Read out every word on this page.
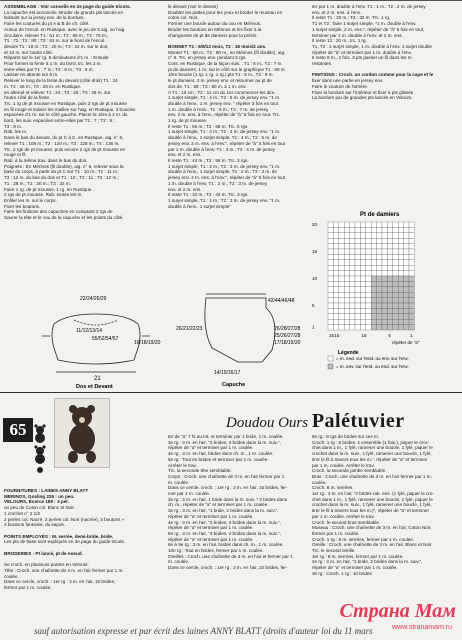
ASSEMBLAGE : Voir conseils en 2e page du guide tricots.

La capuche est annoncée. Broder de grands pts lancés en

laissant sur la jersey env. de la bordure.

Faire les coutures du pt A & B de ch. côté.

Autour de l'encol. en Rustique, avec le jeu de 5 aig. ou l'aig.

circulaire, relever T1 : 61 m.; T2 : 68 m.; T3 : 75 m.;

T1 : 72 ; T2 : 80 ; T3 : 82 m. sur le bord de l'encol.

devant T1 : 18 m.; T2 : 20 m.; T3 : 22 m. sur le dos;

et 10 m. sur l'autre côté.

Répartir sur le 1er rg. 5 diminutions d'1 m. ; Ensuite

Pour former la fente à 1 m. du bord, trc. les 2 m.

entre-elles par T1 : 7 m.; T2 : 8 m.; T3 : 9 m.

Laisser en attente sur 6 m.

Relever le long de la fente du devant (côté droit) T1 : 24

m. T2 : 26 m.; T3 : 28 m. en Rustique.

en alterné et relever T1 : 24 ; T2 : 26 ; T3 : 28 m. sur

l'autre côté de la fente.

Trc. 1 rg de pt mousse en Rustique, puis 2 rgs de pt mousse

en fil rouge et laisser les mailles sur l'aig. en Rustique. 3 boucles

espacées d'1 m. sur le côté gauche. Placer la 1ère à 2 m. du

bord, les suiv. espacées entre-elles par T1 : 7 ; T2 : 8 ;

T3 : 9 m.

Rab. les m.

Dans le bas du devant, du pt C à C, en Rustique, aig. n° 6,

relever T1 : 108 m.; T2 : 120 m.; T3 : 128 m.; T4 : 136 m.

Trc. 2 rgs de pt mousse, puis encore 2 rgs de pt mousse en

rouge et fil.

Rab. à la même trav. dans le bas du dos.

Poignets : En Mérinos (fil double), aig. n° 6, relever sous la

base du corps, à partir du pt C sur T1 : 10 m.; T2 : 11 m.;

T3 : 12 m. du bas du dos et T1 : 10 ; T2 : 11 ; T3 : 12 m.;

T1 : 28 m.; T2 : 30 m.; T3 : 32 m.

Faire 1 rg. de pt mousse, 1 rg. en Rustique.

2 rgs de pt mousse. Rab. toutes les m.

Enfiler les m. sur le corps.

Fixer les boutons.

Faire les finitions des capuches en comptant 2 rgs de

Saurer la tête et le cou de la capuche et les points du côté.

le devant (voir le dessin)

Doubler les pattes pour les yeux et broder le museau en

coton col. Noir.

Former une boucle autour du cou en Mérinos.

Broder les boutons en Mérinos et les fixer à la

changeante de pt de damiers pour la précis.

BONNET T1 : 6/9/12 mois, T2 : 18 mois/2 ans.

Monter T1 : 68 m.; T2 : 80 m., en Mérinos (fil double), aig.

n° 6. Trc. en jersey env. pendant 3 rgs.

Cont. en Rustique, de la façon suiv. : T1 : 6 m., T2 : 7 m.

pt de damiers, 1 m. sur le côté sur le graphique T1 : 68 m.

1ère boucle (1 rg. 1 rg. 1 rg.) pts T1 : 6 m., T2 : 9 m.

le pt damiers, 2 m. jersey env. et retourner au pt de

dos de. T1 : 68 ; T2 : 80 m. à 1 m. env.

A T1 : 10 cm ; T2 : 11 cm du 1er commencer les dim.

1 surjet simple, T1 : 4 m.; T2 : 5 m. de jersey env. "1 m.

double à l'env., 1 m. jersey env. " répéter 3 fois en tout

1 m. double à l'env., T1 : 6 m.; T2 : 7 m. de jersey

env. 2 m. ens. à l'env., répéter de "à" 6 fois en tout. Trc.

1 rg. de pt mousse.

Il reste T1 : 56 m.; T2 : 68 m. Trc. 5 rgs.

1 surjet simple, T1 : 3 m.; T2 : 4 m. de jersey env. "1 m.

double à l'env., 1 surjet simple, T1 : 4 m.; T2 : 5 m. de

jersey env. 2 m. ens. à l'env.", répéter de "à" 5 fois en tout

par 1 m. double à l'env. T1 : 3 m.; T2 : 4 m. de jersey

env. et 2 m. ens.

Il reste T1 : 44 m.; T2 : 56 m. Trc. 3 rgs.

1 surjet simple, T1 : 2 m.; T2 : 3 m. de jersey env. "1 m.

double à l'env., 1 surjet simple, T1 : 2 m.; T2 : 3 m. de

jersey env. 2 m. ens. à l'env.", répéter de "à" 5 fois en tout

1 m. double à l'env. T1 : 2 m.; T2 : 3 m. de jersey

env. et 2 m. ens.

Il reste T1 : 32 m.; T2 : 44 m. Trc. 3 rgs.

1 surjet simple, T1 : 1 m.; T2 : 2 m. de jersey env. "1 m.

double à l'env., 1 surjet simple"

ter par 1 m. double à l'env. T1 : 1 m.; T2 : 2 m. de jersey

env. et 2 m. ens. à l'env.

Il reste T1 : 20 m.; T2 : 32 m. Trc. 1 rg.

T1 et T2 : faire 1 surjet simple, *1 m. double à l'env.

1 surjet simple, 2 m. ens.*, répéter de "à" 5 fois en tout,

terminer par 1 m. double à l'env. et 2 m. ens.

Il reste 12 : 20 m., trc. 1 rg.

T1, T2 : 1 surjet simple, 1 m. double à l'env. 1 surjet double

répéter de "à" et terminer par 1 m. double à l'env.

Il reste 8 m., 2 fois. 3 pts passer un fil dans les m.

restantes.

FINITIONS : Croch. un cordon comme pour la cape et le

fixer dans une partie en jersey env.

Faire le couture de l'arrière.

Fixer la bordure sur l'intérieur et fixer à pts glissés

La bordure par de grandes pts lancés en Velours.

Pt de damiers
20
15
10
5
1
16 15	10	5	1
répéter de "a"
Légende
= m. end. sur l'end. ou env. sur l'env.
= m. env. sur l'end. ou end. sur l'env.
22/24/26/29
11/12/13/14
55/52/54/57
16/18/19/20
21
Dos et Devant
42/44/46/48
26/28/27/28
25/26/27/28
17/18/19/20
26/21/22/23
14/15/16/17
Capuche
65	Doudou Ours Palétuvier

FOURNITURES : LAINES ANNY BLATT

MERINOS, Gosling 226 : un peu.

VELOURS, Écorce 189 : 3 pel.

un peu de Coton col. Blanc et Noir

1 crochet n° 2 1/2

2 perles col. Nacré, 2 perles col. Noir (nacrée), 3 boutons +

3 boutons fantaisie, du kapok.

POINTS EMPLOYÉS : M. serrée, demi-bride, bride.

Les pts de base sont expliqués en 2e page du guide tricots.

BRODERIES : Pt lancé, pt de noeud.

Se croch. en plusieurs parties en Velouté.

Tête : Croch. une chaînette de 3 m. en l'air fermer par 1 m.

coulée.

Dans ce cercle, croch. : 1er rg : 3 m. en l'air, 15 brides,

fermer par 1 m. coulée.

ter de "a" 7 fs au tot. et terminer par 1 bride, 1 m. coulée.

3e rg : 3 m. en l'air, "2 brides, 2 brides dans la m. suiv.",

répéter de "a" et terminer par 1 m. coulée.

4e rg : 3 m. en l'air, brides dans ch. m., 1 m. coulée.

5e rg : Tout en brides et terminer par 1 m. coulée.

Arrêter le trav.

Trc. la seconde tête semblable.

Corps : Croch. une chaînette de 3 m. en l'air fermer par 1

m. coulée.

Dans ce cercle, croch. : 1er rg : 3 m. en l'air, 15 brides, fer-

mer par 1 m. coulée.

2e rg : 3 m. en l'air, 1 bride dans la m. suiv. * 2 brides dans

ch. m., répéter de "a" et terminer par 1 m. coulée.

3e rg : 3 m. en l'air, "1 bride, 2 brides dans la m. suiv.",

répéter de "a" et terminer par 1 m. coulée.

4e rg : 3 m. en l'air, "2 brides, 2 brides dans la m. suiv.",

répéter de "a" et terminer par 1 m. coulée.

5e rg : 3 m. en l'air, "3 brides, 2 brides dans la m. suiv.",

répéter de "a" et terminer par 1 m. coulée.

6e à 9e rg : 3 m. en l'air, brides dans ch. m., 1 m. coulée.

10e rg : Tout en brides, fermer par 1 m. coulée.

Oreilles : Croch. une chaînette de 3 m. en l'air et fermer par 1

m. coulée.

Dans ce cercle, croch. : 1er rg : 3 m. en l'air, 10 brides, fer-

6e rg : 8 rgs de brides sur ces m.

Croch. 1 rg : 8 brides. 1 ensemble (1 fois.), piquer le croc-

chet dans 1 m., 1 fylé, ramener une boucle, 1 fylé, piquer le

crochet dans la m. suiv., 1 fylé, ramener une boucle, 1 fylé,

tirer le fil à travers tous les m.", répéter de "a" et terminer

par 1 m. coulée. Arrêter le trav.

Croch. la seconde jambe semblable.

Bras : Croch. une chaînette de 3 m. en l'air fermer par 1 m.

coulée.

Croch. 8 m. serrées.

1er rg : 3 m. en l'air, "2 brides rab. ens. (1 fylé, piquer le cro-

chet dans 1 m., 1 fylé, ramener une boucle, 1 fylé, piquer le

crochet dans la m. suiv., 1 fylé, ramener une boucle, 1 fylé,

tirer le fil à travers tous les m.)", répéter de "a" et terminer

par 1 m. coulée. Arrêter le trav.

Croch. le second bras semblable.

Museau : Croch. une chaînette de 3 m. en l'air, Coton Noir,

fermer par 1 m. coulée.

Croch. 1 rg : 8 m. serrées, fermer par 1 m. coulée.

Oreille : Croch. une chaînette de 3 m. en l'air, Blanc et Noir.

Trc. le second oreille.

1er rg : 8 m. serrées, fermer par 1 m. coulée.

2e rg : 3 m. en l'air, "1 bride, 2 brides dans la m. suiv.",

répéter de "a" et terminer par 1 m. coulée.

3e rg : Croch. 1 rg : 10 brides

sauf autorisation expresse et par écrit des laines ANNY BLATT (droits d'auteur loi du 11 mars
Страна Мам
www.stranamam.ru
